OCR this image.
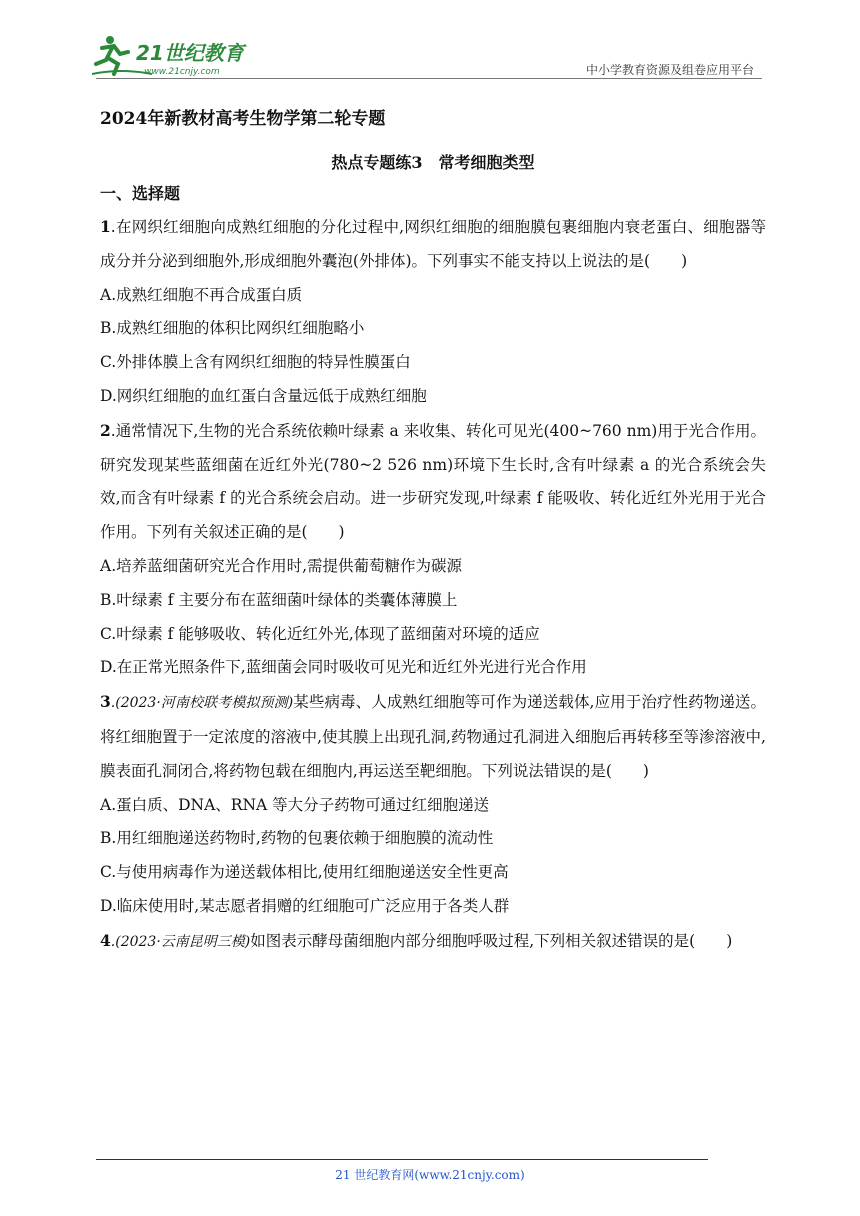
21世纪教育
www.21cnjy.com	中小学教育资源及组卷应用平台
2024年新教材高考生物学第二轮专题
热点专题练3　常考细胞类型
一、选择题

1.在网织红细胞向成熟红细胞的分化过程中,网织红细胞的细胞膜包裹细胞内衰老蛋白、细胞器等成分并分泌到细胞外,形成细胞外囊泡(外排体)。下列事实不能支持以上说法的是(　　)

A.成熟红细胞不再合成蛋白质

B.成熟红细胞的体积比网织红细胞略小

C.外排体膜上含有网织红细胞的特异性膜蛋白

D.网织红细胞的血红蛋白含量远低于成熟红细胞

2.通常情况下,生物的光合系统依赖叶绿素 a 来收集、转化可见光(400~760 nm)用于光合作用。研究发现某些蓝细菌在近红外光(780~2 526 nm)环境下生长时,含有叶绿素 a 的光合系统会失效,而含有叶绿素 f 的光合系统会启动。进一步研究发现,叶绿素 f 能吸收、转化近红外光用于光合作用。下列有关叙述正确的是(　　)

A.培养蓝细菌研究光合作用时,需提供葡萄糖作为碳源

B.叶绿素 f 主要分布在蓝细菌叶绿体的类囊体薄膜上

C.叶绿素 f 能够吸收、转化近红外光,体现了蓝细菌对环境的适应

D.在正常光照条件下,蓝细菌会同时吸收可见光和近红外光进行光合作用

3.(2023·河南校联考模拟预测)某些病毒、人成熟红细胞等可作为递送载体,应用于治疗性药物递送。将红细胞置于一定浓度的溶液中,使其膜上出现孔洞,药物通过孔洞进入细胞后再转移至等渗溶液中,膜表面孔洞闭合,将药物包载在细胞内,再运送至靶细胞。下列说法错误的是(　　)

A.蛋白质、DNA、RNA 等大分子药物可通过红细胞递送

B.用红细胞递送药物时,药物的包裹依赖于细胞膜的流动性

C.与使用病毒作为递送载体相比,使用红细胞递送安全性更高

D.临床使用时,某志愿者捐赠的红细胞可广泛应用于各类人群

4.(2023·云南昆明三模)如图表示酵母菌细胞内部分细胞呼吸过程,下列相关叙述错误的是(　　)

21 世纪教育网(www.21cnjy.com)
